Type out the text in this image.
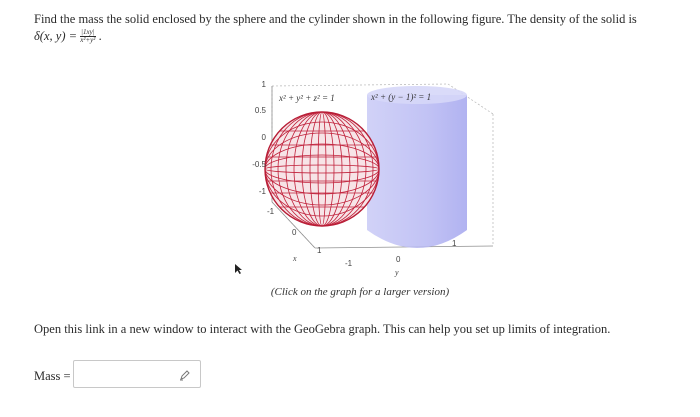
Find the mass the solid enclosed by the sphere and the cylinder shown in the following figure. The density of the solid is
δ(x, $y) = \frac{|1xy|}{\text{x²+y²}}$ .
x² + y² + z² = 1	x² + (y − 1)² = 1
1
0.5
0
-0.5
-1
-1
0
1
x
-1	0
1
y
(Click on the graph for a larger version)
Open this link in a new window to interact with the GeoGebra graph. This can help you set up limits of integration.
Mass =
